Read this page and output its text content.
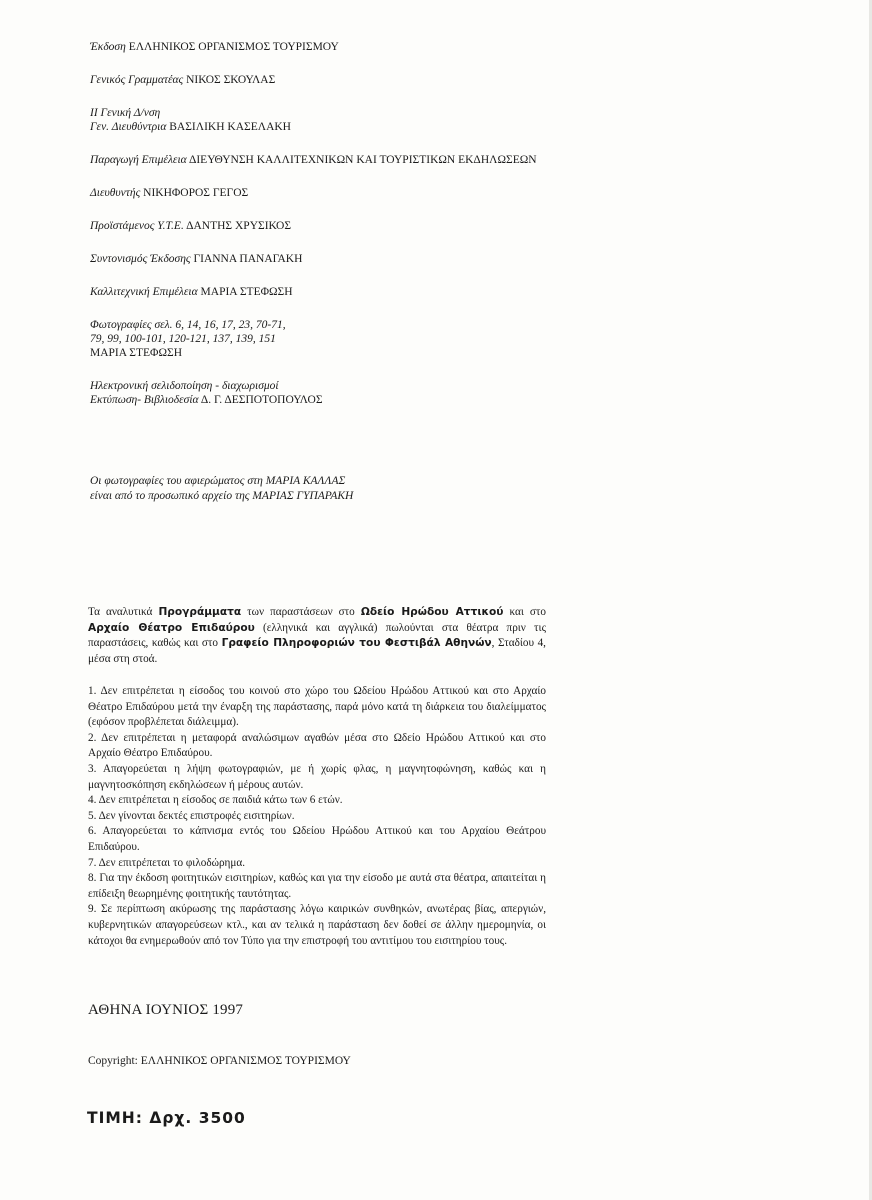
Έκδοση ΕΛΛΗΝΙΚΟΣ ΟΡΓΑΝΙΣΜΟΣ ΤΟΥΡΙΣΜΟΥ
Γενικός Γραμματέας ΝΙΚΟΣ ΣΚΟΥΛΑΣ
ΙΙ Γενική Δ/νση
Γεν. Διευθύντρια ΒΑΣΙΛΙΚΗ ΚΑΣΕΛΑΚΗ
Παραγωγή Επιμέλεια ΔΙΕΥΘΥΝΣΗ ΚΑΛΛΙΤΕΧΝΙΚΩΝ ΚΑΙ ΤΟΥΡΙΣΤΙΚΩΝ ΕΚΔΗΛΩΣΕΩΝ
Διευθυντής ΝΙΚΗΦΟΡΟΣ ΓΕΓΟΣ
Προϊστάμενος Υ.Τ.Ε. ΔΑΝΤΗΣ ΧΡΥΣΙΚΟΣ
Συντονισμός Έκδοσης ΓΙΑΝΝΑ ΠΑΝΑΓΑΚΗ
Καλλιτεχνική Επιμέλεια ΜΑΡΙΑ ΣΤΕΦΩΣΗ
Φωτογραφίες σελ. 6, 14, 16, 17, 23, 70-71,
79, 99, 100-101, 120-121, 137, 139, 151
ΜΑΡΙΑ ΣΤΕΦΩΣΗ
Ηλεκτρονική σελιδοποίηση - διαχωρισμοί
Εκτύπωση- Βιβλιοδεσία Δ. Γ. ΔΕΣΠΟΤΟΠΟΥΛΟΣ
Οι φωτογραφίες του αφιερώματος στη ΜΑΡΙΑ ΚΑΛΛΑΣ
είναι από το προσωπικό αρχείο της ΜΑΡΙΑΣ ΓΥΠΑΡΑΚΗ
Τα αναλυτικά Προγράμματα των παραστάσεων στο Ωδείο Ηρώδου Αττικού και στο Αρχαίο Θέατρο Επιδαύρου (ελληνικά και αγγλικά) πωλούνται στα θέατρα πριν τις παραστάσεις, καθώς και στο Γραφείο Πληροφοριών του Φεστιβάλ Αθηνών, Σταδίου 4, μέσα στη στοά.

1. Δεν επιτρέπεται η είσοδος του κοινού στο χώρο του Ωδείου Ηρώδου Αττικού και στο Αρχαίο Θέατρο Επιδαύρου μετά την έναρξη της παράστασης, παρά μόνο κατά τη διάρκεια του διαλείμματος (εφόσον προβλέπεται διάλειμμα).

2. Δεν επιτρέπεται η μεταφορά αναλώσιμων αγαθών μέσα στο Ωδείο Ηρώδου Αττικού και στο Αρχαίο Θέατρο Επιδαύρου.

3. Απαγορεύεται η λήψη φωτογραφιών, με ή χωρίς φλας, η μαγνητοφώνηση, καθώς και η μαγνητοσκόπηση εκδηλώσεων ή μέρους αυτών.

4. Δεν επιτρέπεται η είσοδος σε παιδιά κάτω των 6 ετών.

5. Δεν γίνονται δεκτές επιστροφές εισιτηρίων.

6. Απαγορεύεται το κάπνισμα εντός του Ωδείου Ηρώδου Αττικού και του Αρχαίου Θεάτρου Επιδαύρου.

7. Δεν επιτρέπεται το φιλοδώρημα.

8. Για την έκδοση φοιτητικών εισιτηρίων, καθώς και για την είσοδο με αυτά στα θέατρα, απαιτείται η επίδειξη θεωρημένης φοιτητικής ταυτότητας.

9. Σε περίπτωση ακύρωσης της παράστασης λόγω καιρικών συνθηκών, ανωτέρας βίας, απεργιών, κυβερνητικών απαγορεύσεων κτλ., και αν τελικά η παράσταση δεν δοθεί σε άλλην ημερομηνία, οι κάτοχοι θα ενημερωθούν από τον Τύπο για την επιστροφή του αντιτίμου του εισιτηρίου τους.

ΑΘΗΝΑ ΙΟΥΝΙΟΣ 1997
Copyright: ΕΛΛΗΝΙΚΟΣ ΟΡΓΑΝΙΣΜΟΣ ΤΟΥΡΙΣΜΟΥ
ΤΙΜΗ: Δρχ. 3500
